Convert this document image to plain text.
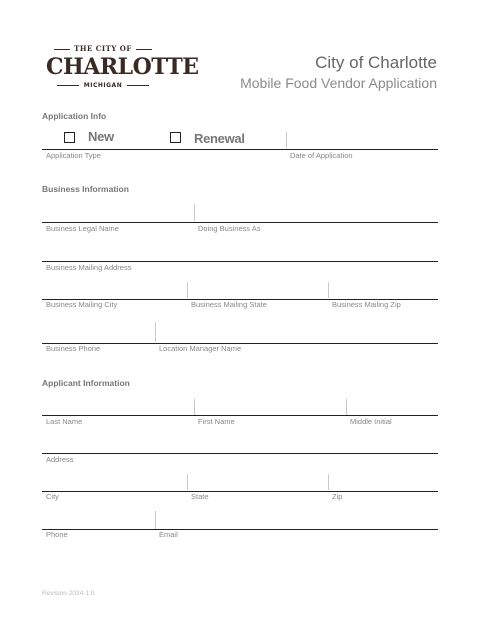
THE CITY OF
CHARLOTTE
MICHIGAN
City of Charlotte
Mobile Food Vendor Application
Application Info
New	Renewal
Application Type	Date of Application
Business Information
Business Legal Name	Doing Business As
Business Mailing Address
Business Mailing City	Business Mailing State	Business Mailing Zip
Business Phone	Location Manager Name
Applicant Information
Last Name	First Name	Middle Initial
Address
City	State	Zip
Phone	Email
Revision 2024-1.0
